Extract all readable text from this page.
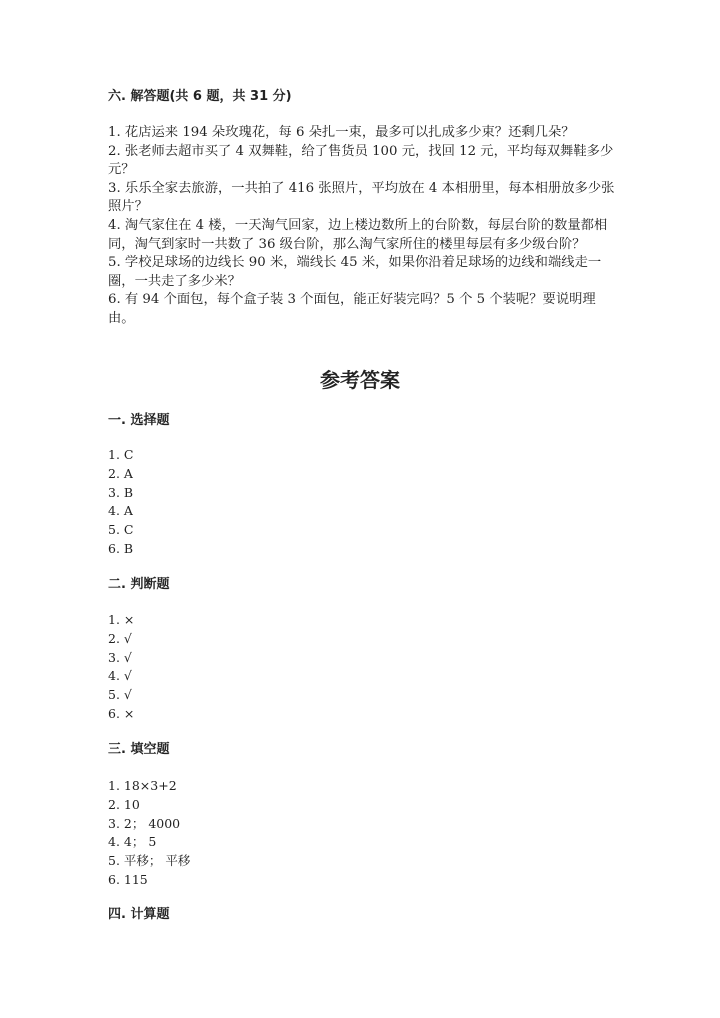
六. 解答题(共 6 题，共 31 分)

1. 花店运来 194 朵玫瑰花，每 6 朵扎一束，最多可以扎成多少束？还剩几朵？

2. 张老师去超市买了 4 双舞鞋，给了售货员 100 元，找回 12 元，平均每双舞鞋多少元？

3. 乐乐全家去旅游，一共拍了 416 张照片，平均放在 4 本相册里，每本相册放多少张照片？

4. 淘气家住在 4 楼，一天淘气回家，边上楼边数所上的台阶数，每层台阶的数量都相同，淘气到家时一共数了 36 级台阶，那么淘气家所住的楼里每层有多少级台阶？

5. 学校足球场的边线长 90 米，端线长 45 米，如果你沿着足球场的边线和端线走一圈，一共走了多少米？

6. 有 94 个面包，每个盒子装 3 个面包，能正好装完吗？5 个 5 个装呢？要说明理由。

参考答案
一. 选择题

1. C

2. A

3. B

4. A

5. C

6. B

二. 判断题

1. ×

2. √

3. √

4. √

5. √

6. ×

三. 填空题

1. 18×3+2

2. 10

3. 2； 4000

4. 4； 5

5. 平移； 平移

6. 115

四. 计算题
